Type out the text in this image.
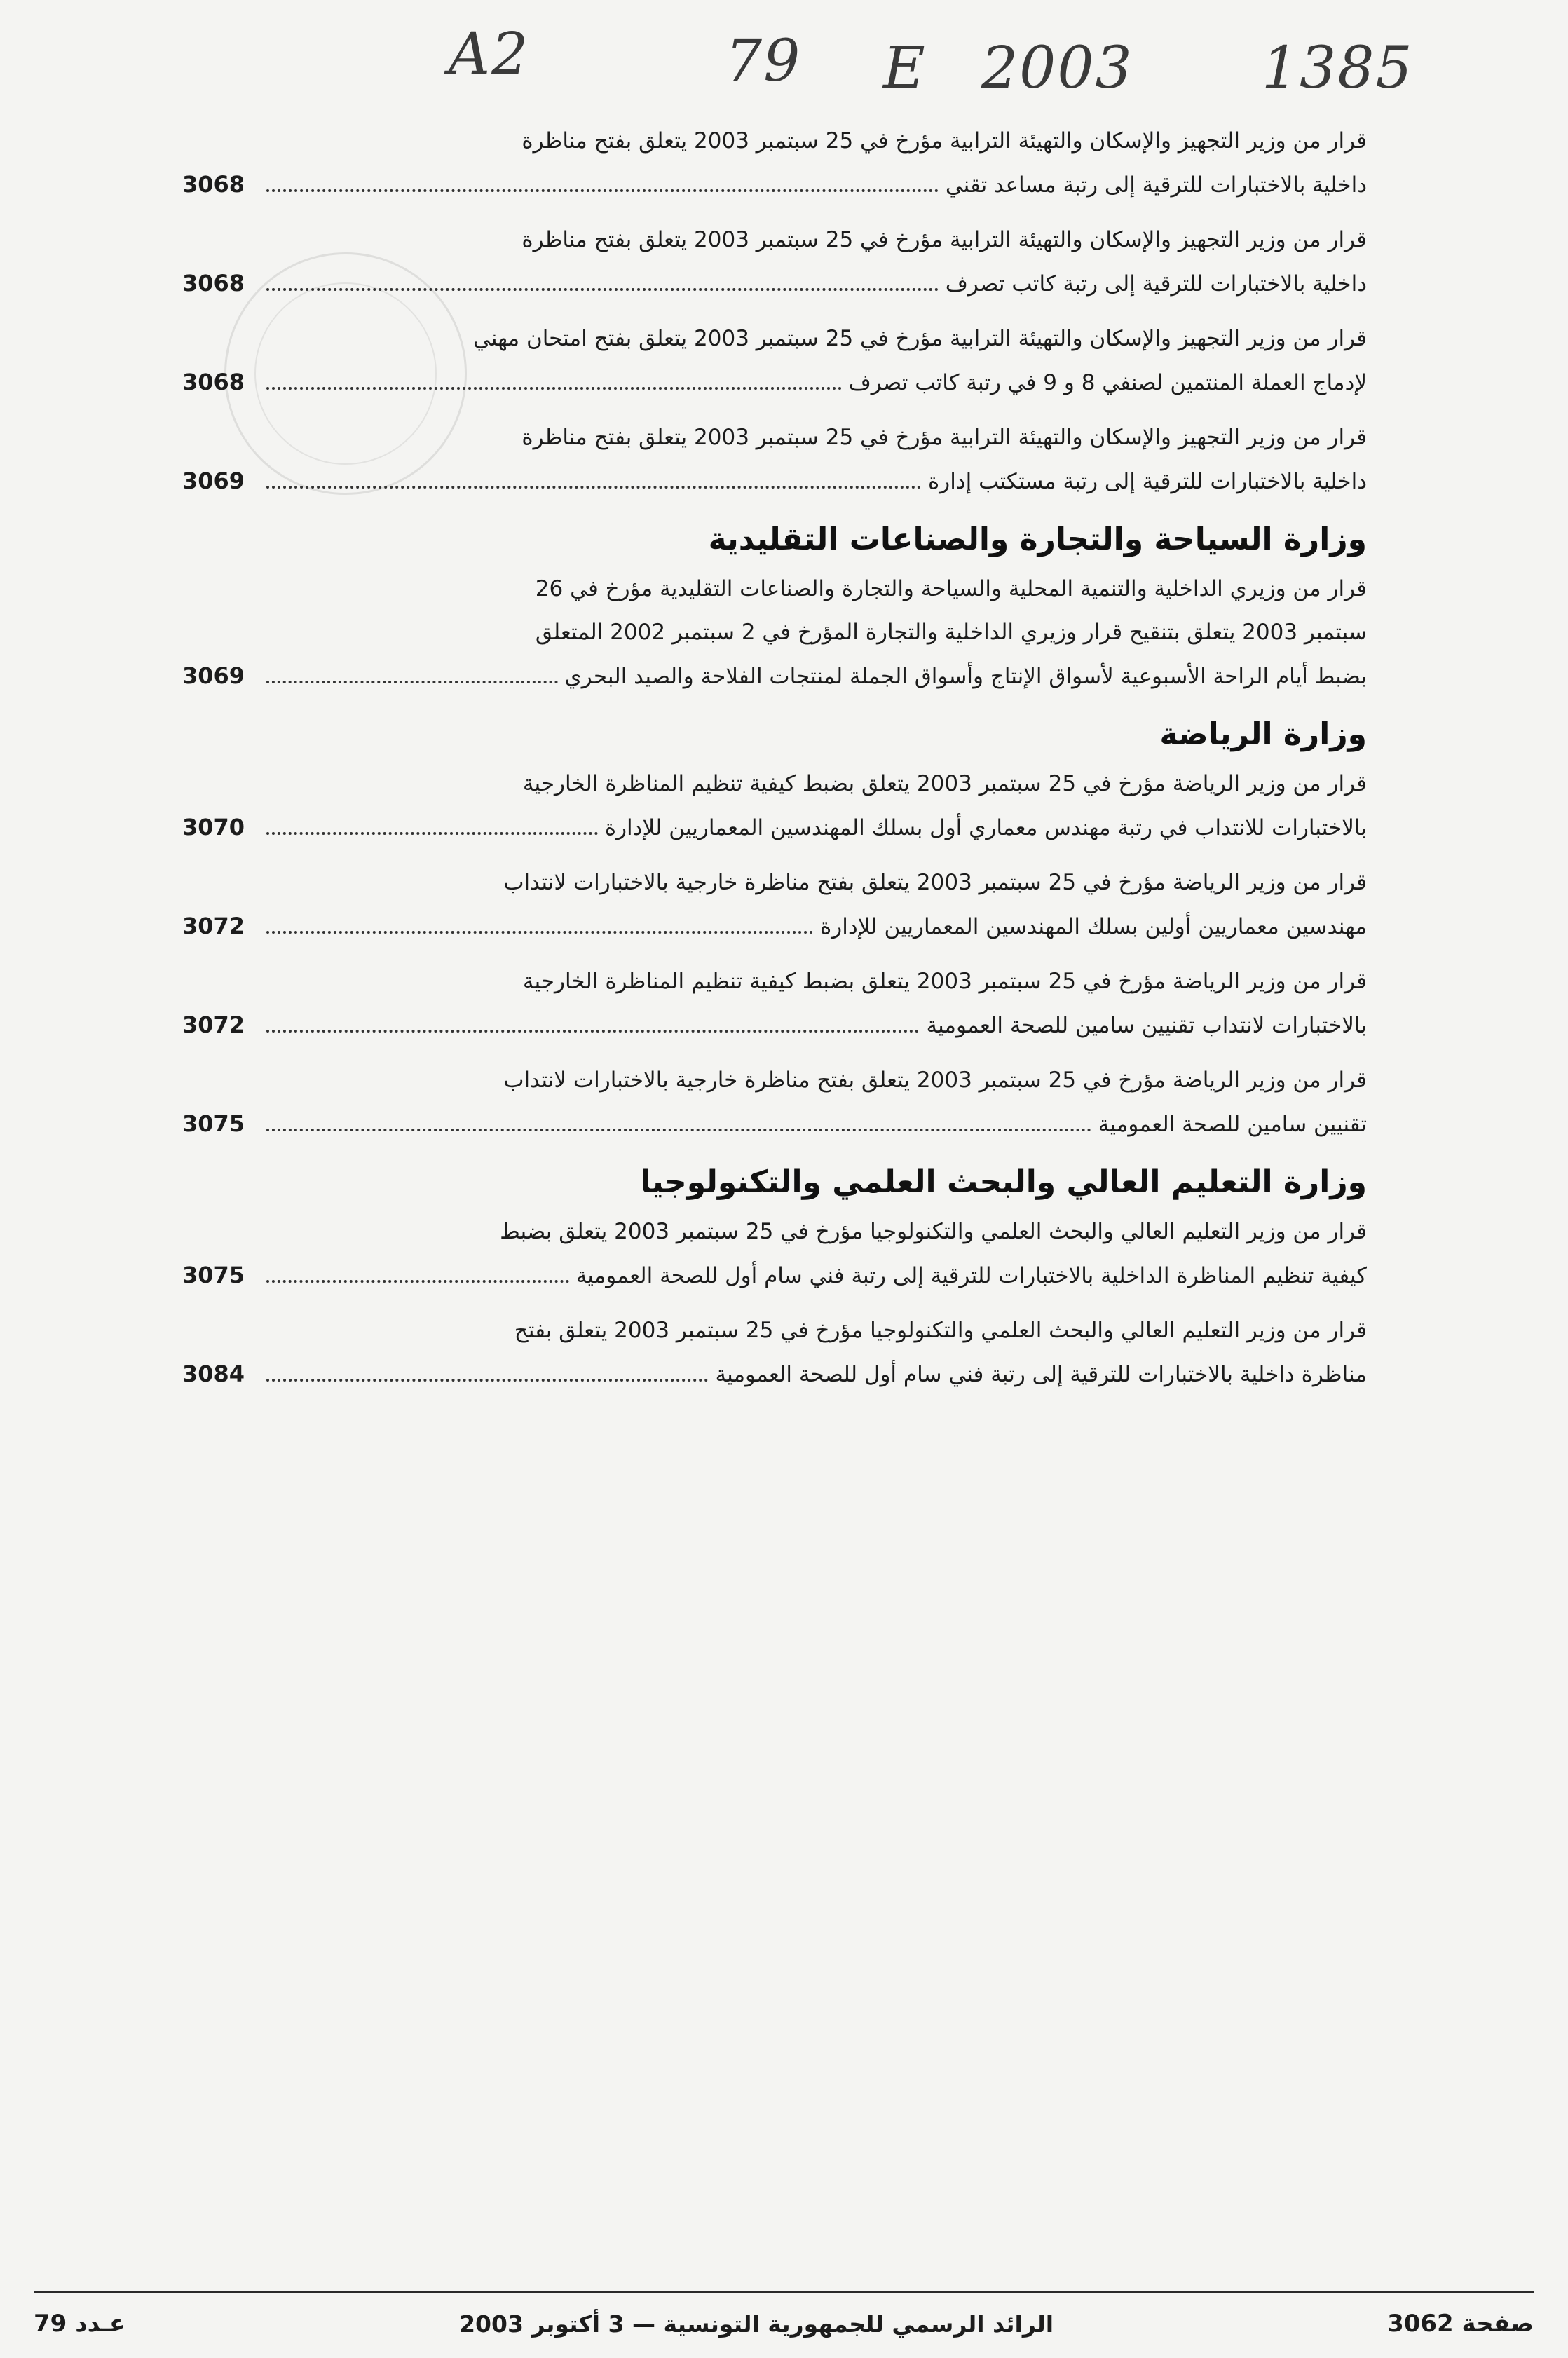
A2	79 E 2003 1385
قرار من وزير التجهيز والإسكان والتهيئة الترابية مؤرخ في 25 سبتمبر 2003 يتعلق بفتح مناظرة
داخلية بالاختبارات للترقية إلى رتبة مساعد تقني
3068
قرار من وزير التجهيز والإسكان والتهيئة الترابية مؤرخ في 25 سبتمبر 2003 يتعلق بفتح مناظرة
داخلية بالاختبارات للترقية إلى رتبة كاتب تصرف
3068
قرار من وزير التجهيز والإسكان والتهيئة الترابية مؤرخ في 25 سبتمبر 2003 يتعلق بفتح امتحان مهني
لإدماج العملة المنتمين لصنفي 8 و 9 في رتبة كاتب تصرف
3068
قرار من وزير التجهيز والإسكان والتهيئة الترابية مؤرخ في 25 سبتمبر 2003 يتعلق بفتح مناظرة
داخلية بالاختبارات للترقية إلى رتبة مستكتب إدارة
3069
وزارة السياحة والتجارة والصناعات التقليدية
قرار من وزيري الداخلية والتنمية المحلية والسياحة والتجارة والصناعات التقليدية مؤرخ في 26
سبتمبر 2003 يتعلق بتنقيح قرار وزيري الداخلية والتجارة المؤرخ في 2 سبتمبر 2002 المتعلق
بضبط أيام الراحة الأسبوعية لأسواق الإنتاج وأسواق الجملة لمنتجات الفلاحة والصيد البحري
3069
وزارة الرياضة
قرار من وزير الرياضة مؤرخ في 25 سبتمبر 2003 يتعلق بضبط كيفية تنظيم المناظرة الخارجية
بالاختبارات للانتداب في رتبة مهندس معماري أول بسلك المهندسين المعماريين للإدارة
3070
قرار من وزير الرياضة مؤرخ في 25 سبتمبر 2003 يتعلق بفتح مناظرة خارجية بالاختبارات لانتداب
مهندسين معماريين أولين بسلك المهندسين المعماريين للإدارة
3072
قرار من وزير الرياضة مؤرخ في 25 سبتمبر 2003 يتعلق بضبط كيفية تنظيم المناظرة الخارجية
بالاختبارات لانتداب تقنيين سامين للصحة العمومية
3072
قرار من وزير الرياضة مؤرخ في 25 سبتمبر 2003 يتعلق بفتح مناظرة خارجية بالاختبارات لانتداب
تقنيين سامين للصحة العمومية
3075
وزارة التعليم العالي والبحث العلمي والتكنولوجيا
قرار من وزير التعليم العالي والبحث العلمي والتكنولوجيا مؤرخ في 25 سبتمبر 2003 يتعلق بضبط
كيفية تنظيم المناظرة الداخلية بالاختبارات للترقية إلى رتبة فني سام أول للصحة العمومية
3075
قرار من وزير التعليم العالي والبحث العلمي والتكنولوجيا مؤرخ في 25 سبتمبر 2003 يتعلق بفتح
مناظرة داخلية بالاختبارات للترقية إلى رتبة فني سام أول للصحة العمومية
3084
صفحة 3062
الرائد الرسمي للجمهورية التونسية — 3 أكتوبر 2003
عـدد 79
